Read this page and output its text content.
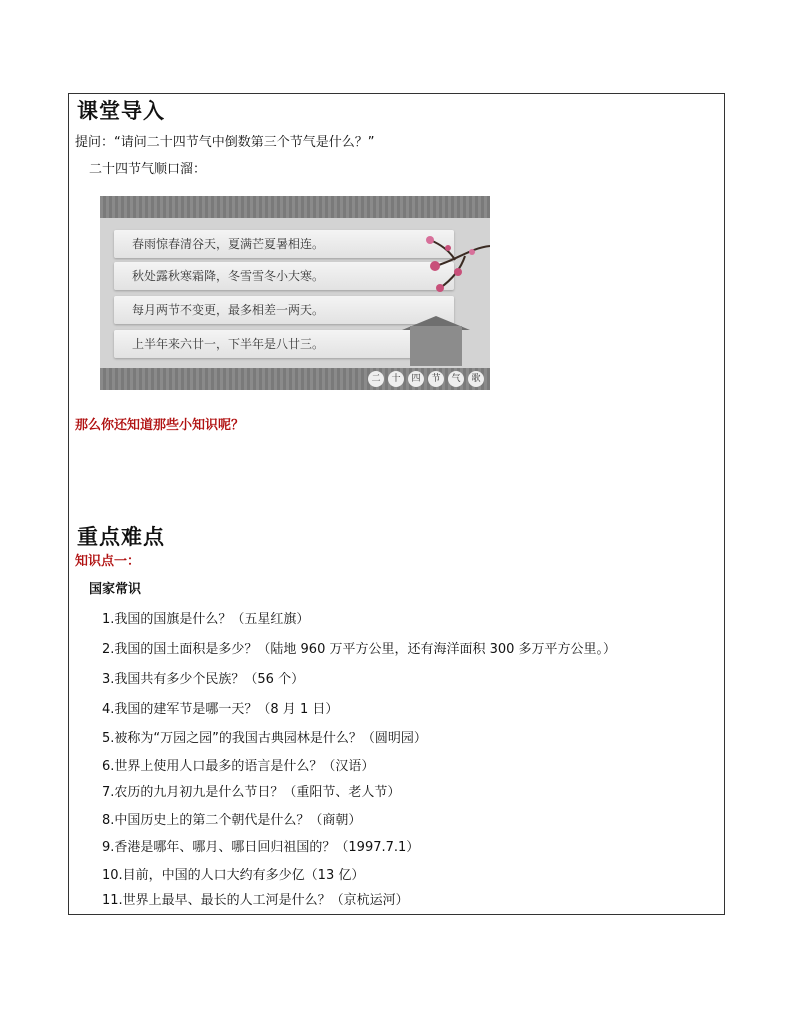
课堂导入
提问：“请问二十四节气中倒数第三个节气是什么？”
二十四节气顺口溜：
春雨惊春清谷天，夏满芒夏暑相连。
秋处露秋寒霜降，冬雪雪冬小大寒。
每月两节不变更，最多相差一两天。
上半年来六廿一，下半年是八廿三。
二	十	四	节	气	歌
那么你还知道那些小知识呢？
重点难点
知识点一：
国家常识
1.我国的国旗是什么？（五星红旗）
2.我国的国土面积是多少？（陆地 960 万平方公里，还有海洋面积 300 多万平方公里。）
3.我国共有多少个民族？（56 个）
4.我国的建军节是哪一天？（8 月 1 日）
5.被称为“万园之园”的我国古典园林是什么？（圆明园）
6.世界上使用人口最多的语言是什么？（汉语）
7.农历的九月初九是什么节日？（重阳节、老人节）
8.中国历史上的第二个朝代是什么？（商朝）
9.香港是哪年、哪月、哪日回归祖国的？（1997.7.1）
10.目前，中国的人口大约有多少亿（13 亿）
11.世界上最早、最长的人工河是什么？（京杭运河）
